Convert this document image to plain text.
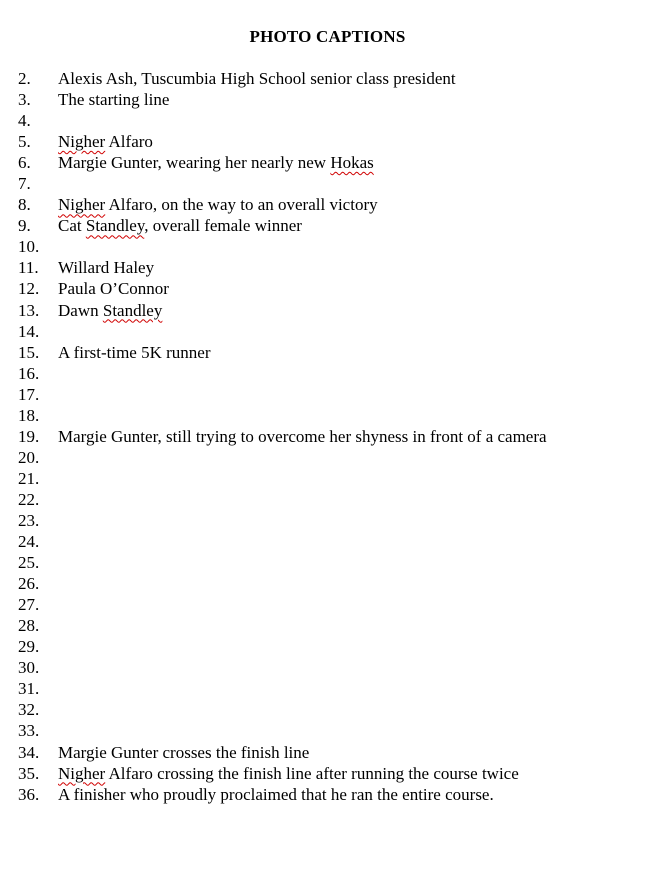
PHOTO CAPTIONS
2. Alexis Ash, Tuscumbia High School senior class president
3. The starting line
4.
5. Nigher Alfaro
6. Margie Gunter, wearing her nearly new Hokas
7.
8. Nigher Alfaro, on the way to an overall victory
9. Cat Standley, overall female winner
10.
11. Willard Haley
12. Paula O’Connor
13. Dawn Standley
14.
15. A first-time 5K runner
16.
17.
18.
19. Margie Gunter, still trying to overcome her shyness in front of a camera
20.
21.
22.
23.
24.
25.
26.
27.
28.
29.
30.
31.
32.
33.
34. Margie Gunter crosses the finish line
35. Nigher Alfaro crossing the finish line after running the course twice
36. A finisher who proudly proclaimed that he ran the entire course.
